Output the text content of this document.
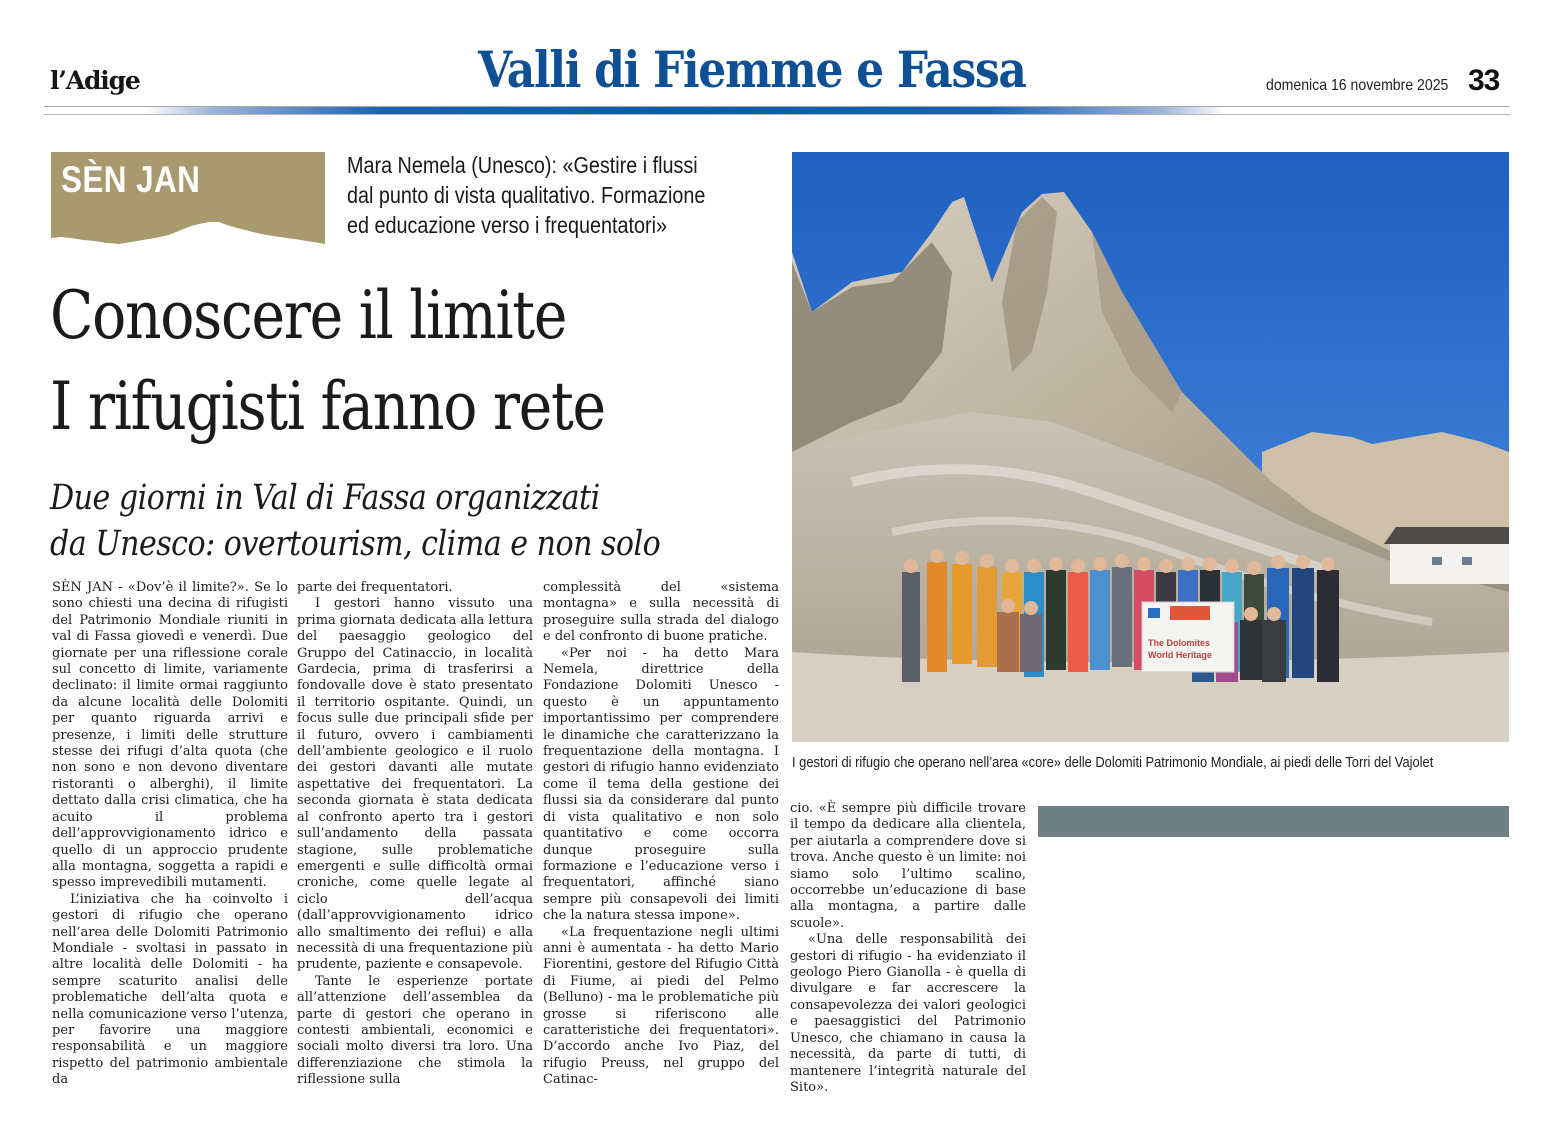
l’Adige	Valli di Fiemme e Fassa	domenica 16 novembre 2025 33
SÈN JAN	Mara Nemela (Unesco): «Gestire i flussi
dal punto di vista qualitativo. Formazione
ed educazione verso i frequentatori»
Conoscere il limite
I rifugisti fanno rete
Due giorni in Val di Fassa organizzati
da Unesco: overtourism, clima e non solo

SÈN JAN - «Dov’è il limite?». Se lo sono chiesti una decina di rifugisti del Patrimonio Mondiale riuniti in val di Fassa giovedì e venerdì. Due giornate per una riflessione corale sul concetto di limite, variamente declinato: il limite ormai raggiunto da alcune località delle Dolomiti per quanto riguarda arrivi e presenze, i limiti delle strutture stesse dei rifugi d’alta quota (che non sono e non devono diventare ristoranti o alberghi), il limite dettato dalla crisi climatica, che ha acuito il problema dell’approvvigionamento idrico e quello di un approccio prudente alla montagna, soggetta a rapidi e spesso imprevedibili mutamenti.

L’iniziativa che ha coinvolto i gestori di rifugio che operano nell’area delle Dolomiti Patrimonio Mondiale - svoltasi in passato in altre località delle Dolomiti - ha sempre scaturito analisi delle problematiche dell’alta quota e nella comunicazione verso l’utenza, per favorire una maggiore responsabilità e un maggiore rispetto del patrimonio ambientale da

parte dei frequentatori.

I gestori hanno vissuto una prima giornata dedicata alla lettura del paesaggio geologico del Gruppo del Catinaccio, in località Gardecia, prima di trasferirsi a fondovalle dove è stato presentato il territorio ospitante. Quindi, un focus sulle due principali sfide per il futuro, ovvero i cambiamenti dell’ambiente geologico e il ruolo dei gestori davanti alle mutate aspettative dei frequentatori. La seconda giornata è stata dedicata al confronto aperto tra i gestori sull’andamento della passata stagione, sulle problematiche emergenti e sulle difficoltà ormai croniche, come quelle legate al ciclo dell’acqua (dall’approvvigionamento idrico allo smaltimento dei reflui) e alla necessità di una frequentazione più prudente, paziente e consapevole.

Tante le esperienze portate all’attenzione dell’assemblea da parte di gestori che operano in contesti ambientali, economici e sociali molto diversi tra loro. Una differenziazione che stimola la riflessione sulla

complessità del «sistema montagna» e sulla necessità di proseguire sulla strada del dialogo e del confronto di buone pratiche.

«Per noi - ha detto Mara Nemela, direttrice della Fondazione Dolomiti Unesco - questo è un appuntamento importantissimo per comprendere le dinamiche che caratterizzano la frequentazione della montagna. I gestori di rifugio hanno evidenziato come il tema della gestione dei flussi sia da considerare dal punto di vista qualitativo e non solo quantitativo e come occorra dunque proseguire sulla formazione e l’educazione verso i frequentatori, affinché siano sempre più consapevoli dei limiti che la natura stessa impone».

«La frequentazione negli ultimi anni è aumentata - ha detto Mario Fiorentini, gestore del Rifugio Città di Fiume, ai piedi del Pelmo (Belluno) - ma le problematiche più grosse si riferiscono alle caratteristiche dei frequentatori». D’accordo anche Ivo Piaz, del rifugio Preuss, nel gruppo del Catinac-

cio. «È sempre più difficile trovare il tempo da dedicare alla clientela, per aiutarla a comprendere dove si trova. Anche questo è un limite: noi siamo solo l’ultimo scalino, occorrebbe un’educazione di base alla montagna, a partire dalle scuole».

«Una delle responsabilità dei gestori di rifugio - ha evidenziato il geologo Piero Gianolla - è quella di divulgare e far accrescere la consapevolezza dei valori geologici e paesaggistici del Patrimonio Unesco, che chiamano in causa la necessità, da parte di tutti, di mantenere l’integrità naturale del Sito».

The Dolomites
World Heritage
I gestori di rifugio che operano nell’area «core» delle Dolomiti Patrimonio Mondiale, ai piedi delle Torri del Vajolet
